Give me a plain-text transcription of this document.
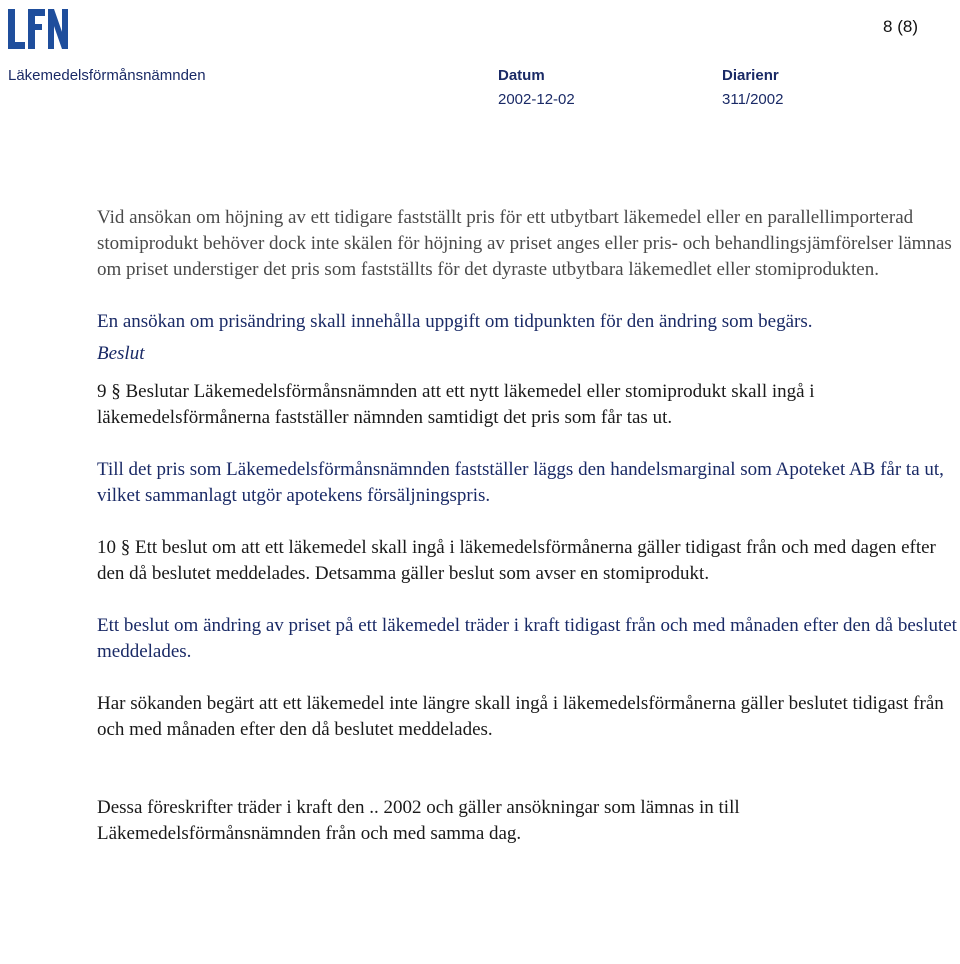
8 (8)
Läkemedelsförmånsnämnden	Datum
2002-12-02
Diarienr
311/2002

Vid ansökan om höjning av ett tidigare fastställt pris för ett utbytbart läkemedel eller en parallellimporterad stomiprodukt behöver dock inte skälen för höjning av priset anges eller pris- och behandlingsjämförelser lämnas om priset understiger det pris som fastställts för det dyraste utbytbara läkemedlet eller stomiprodukten.

En ansökan om prisändring skall innehålla uppgift om tidpunkten för den ändring som begärs.

Beslut

9 § Beslutar Läkemedelsförmånsnämnden att ett nytt läkemedel eller stomiprodukt skall ingå i läkemedelsförmånerna fastställer nämnden samtidigt det pris som får tas ut.

Till det pris som Läkemedelsförmånsnämnden fastställer läggs den handelsmarginal som Apoteket AB får ta ut, vilket sammanlagt utgör apotekens försäljningspris.

10 § Ett beslut om att ett läkemedel skall ingå i läkemedelsförmånerna gäller tidigast från och med dagen efter den då beslutet meddelades. Detsamma gäller beslut som avser en stomiprodukt.

Ett beslut om ändring av priset på ett läkemedel träder i kraft tidigast från och med månaden efter den då beslutet meddelades.

Har sökanden begärt att ett läkemedel inte längre skall ingå i läkemedelsförmånerna gäller beslutet tidigast från och med månaden efter den då beslutet meddelades.

Dessa föreskrifter träder i kraft den .. 2002 och gäller ansökningar som lämnas in till Läkemedelsförmånsnämnden från och med samma dag.
